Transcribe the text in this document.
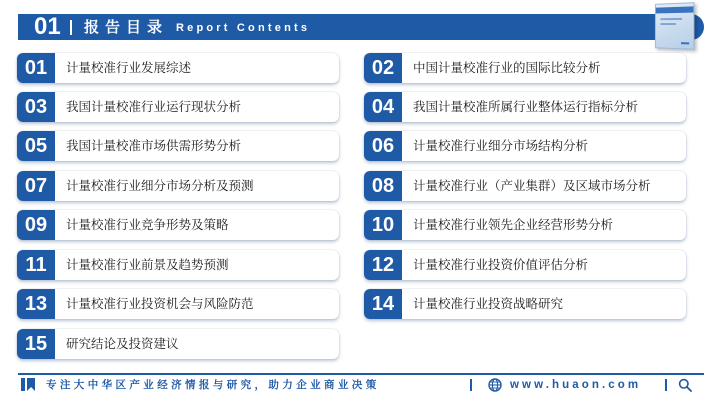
01 报告目录 Report Contents
01	计量校准行业发展综述	02	中国计量校准行业的国际比较分析
03	我国计量校准行业运行现状分析	04	我国计量校准所属行业整体运行指标分析
05	我国计量校准市场供需形势分析	06	计量校准行业细分市场结构分析
07	计量校准行业细分市场分析及预测	08	计量校准行业（产业集群）及区域市场分析
09	计量校准行业竞争形势及策略	10	计量校准行业领先企业经营形势分析
11	计量校准行业前景及趋势预测	12	计量校准行业投资价值评估分析
13	计量校准行业投资机会与风险防范	14	计量校准行业投资战略研究
15	研究结论及投资建议
专注大中华区产业经济情报与研究，助力企业商业决策	www.huaon.com
